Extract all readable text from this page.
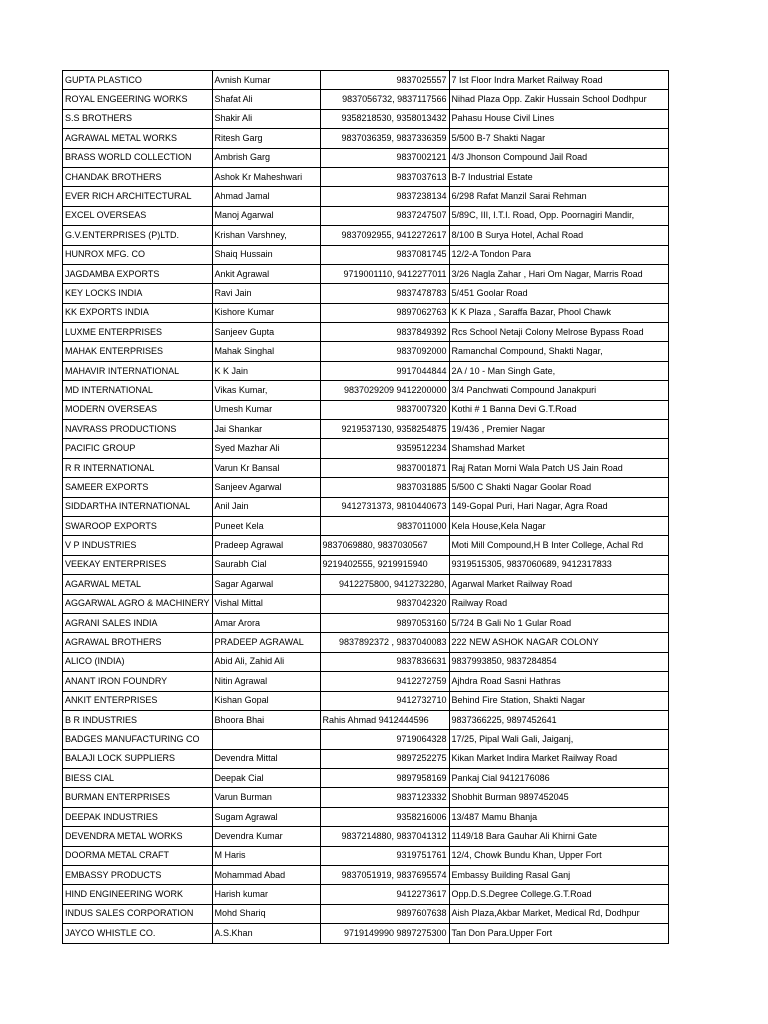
GUPTA PLASTICO	Avnish Kumar	9837025557	7 Ist Floor Indra Market Railway Road
ROYAL ENGEERING WORKS	Shafat Ali	9837056732, 9837117566	Nihad Plaza Opp. Zakir Hussain School Dodhpur
S.S BROTHERS	Shakir Ali	9358218530, 9358013432	Pahasu House Civil Lines
AGRAWAL METAL WORKS	Ritesh Garg	9837036359, 9837336359	5/500 B-7 Shakti Nagar
BRASS WORLD COLLECTION	Ambrish Garg	9837002121	4/3 Jhonson Compound Jail Road
CHANDAK BROTHERS	Ashok Kr Maheshwari	9837037613	B-7 Industrial Estate
EVER RICH ARCHITECTURAL	Ahmad Jamal	9837238134	6/298 Rafat Manzil Sarai Rehman
EXCEL OVERSEAS	Manoj Agarwal	9837247507	5/89C, III, I.T.I. Road, Opp. Poornagiri Mandir,
G.V.ENTERPRISES (P)LTD.	Krishan Varshney,	9837092955, 9412272617	8/100 B Surya Hotel, Achal Road
HUNROX MFG. CO	Shaiq Hussain	9837081745	12/2-A Tondon Para
JAGDAMBA EXPORTS	Ankit Agrawal	9719001110, 9412277011	3/26 Nagla Zahar , Hari Om Nagar, Marris Road
KEY LOCKS INDIA	Ravi Jain	9837478783	5/451 Goolar Road
KK EXPORTS INDIA	Kishore Kumar	9897062763	K K Plaza , Saraffa Bazar, Phool Chawk
LUXME ENTERPRISES	Sanjeev Gupta	9837849392	Rcs School Netaji Colony Melrose Bypass Road
MAHAK ENTERPRISES	Mahak Singhal	9837092000	Ramanchal Compound, Shakti Nagar,
MAHAVIR INTERNATIONAL	K K Jain	9917044844	2A / 10 - Man Singh Gate,
MD INTERNATIONAL	Vikas Kumar,	9837029209 9412200000	3/4 Panchwati Compound Janakpuri
MODERN OVERSEAS	Umesh Kumar	9837007320	Kothi # 1 Banna Devi G.T.Road
NAVRASS PRODUCTIONS	Jai Shankar	9219537130, 9358254875	19/436 , Premier Nagar
PACIFIC GROUP	Syed Mazhar Ali	9359512234	Shamshad Market
R R INTERNATIONAL	Varun Kr Bansal	9837001871	Raj Ratan Morni Wala Patch US Jain Road
SAMEER EXPORTS	Sanjeev Agarwal	9837031885	5/500 C Shakti Nagar Goolar Road
SIDDARTHA INTERNATIONAL	Anil Jain	9412731373, 9810440673	149-Gopal Puri, Hari Nagar, Agra Road
SWAROOP EXPORTS	Puneet Kela	9837011000	Kela House,Kela Nagar
V P INDUSTRIES	Pradeep Agrawal	9837069880, 9837030567	Moti Mill Compound,H B Inter College, Achal Rd
VEEKAY ENTERPRISES	Saurabh Cial	9219402555, 9219915940	9319515305, 9837060689, 9412317833
AGARWAL METAL	Sagar Agarwal	9412275800, 9412732280,	Agarwal Market Railway Road
AGGARWAL AGRO & MACHINERY	Vishal Mittal	9837042320	Railway Road
AGRANI SALES INDIA	Amar Arora	9897053160	5/724 B Gali No 1 Gular Road
AGRAWAL BROTHERS	PRADEEP AGRAWAL	9837892372 , 9837040083	222 NEW ASHOK NAGAR COLONY
ALICO (INDIA)	Abid Ali, Zahid Ali	9837836631	9837993850, 9837284854
ANANT IRON FOUNDRY	Nitin Agrawal	9412272759	Ajhdra Road Sasni Hathras
ANKIT ENTERPRISES	Kishan Gopal	9412732710	Behind Fire Station, Shakti Nagar
B R INDUSTRIES	Bhoora Bhai	Rahis Ahmad 9412444596	9837366225, 9897452641
BADGES MANUFACTURING CO		9719064328	17/25, Pipal Wali Gali, Jaiganj,
BALAJI LOCK SUPPLIERS	Devendra Mittal	9897252275	Kikan Market Indira Market Railway Road
BIESS CIAL	Deepak Cial	9897958169	Pankaj Cial 9412176086
BURMAN ENTERPRISES	Varun Burman	9837123332	Shobhit Burman 9897452045
DEEPAK INDUSTRIES	Sugam Agrawal	9358216006	13/487 Mamu Bhanja
DEVENDRA METAL WORKS	Devendra Kumar	9837214880, 9837041312	1149/18 Bara Gauhar Ali Khirni Gate
DOORMA METAL CRAFT	M Haris	9319751761	12/4, Chowk Bundu Khan, Upper Fort
EMBASSY PRODUCTS	Mohammad Abad	9837051919, 9837695574	Embassy Building Rasal Ganj
HIND ENGINEERING WORK	Harish kumar	9412273617	Opp.D.S.Degree College.G.T.Road
INDUS SALES CORPORATION	Mohd Shariq	9897607638	Aish Plaza,Akbar Market, Medical Rd, Dodhpur
JAYCO WHISTLE CO.	A.S.Khan	9719149990 9897275300	Tan Don Para.Upper Fort
